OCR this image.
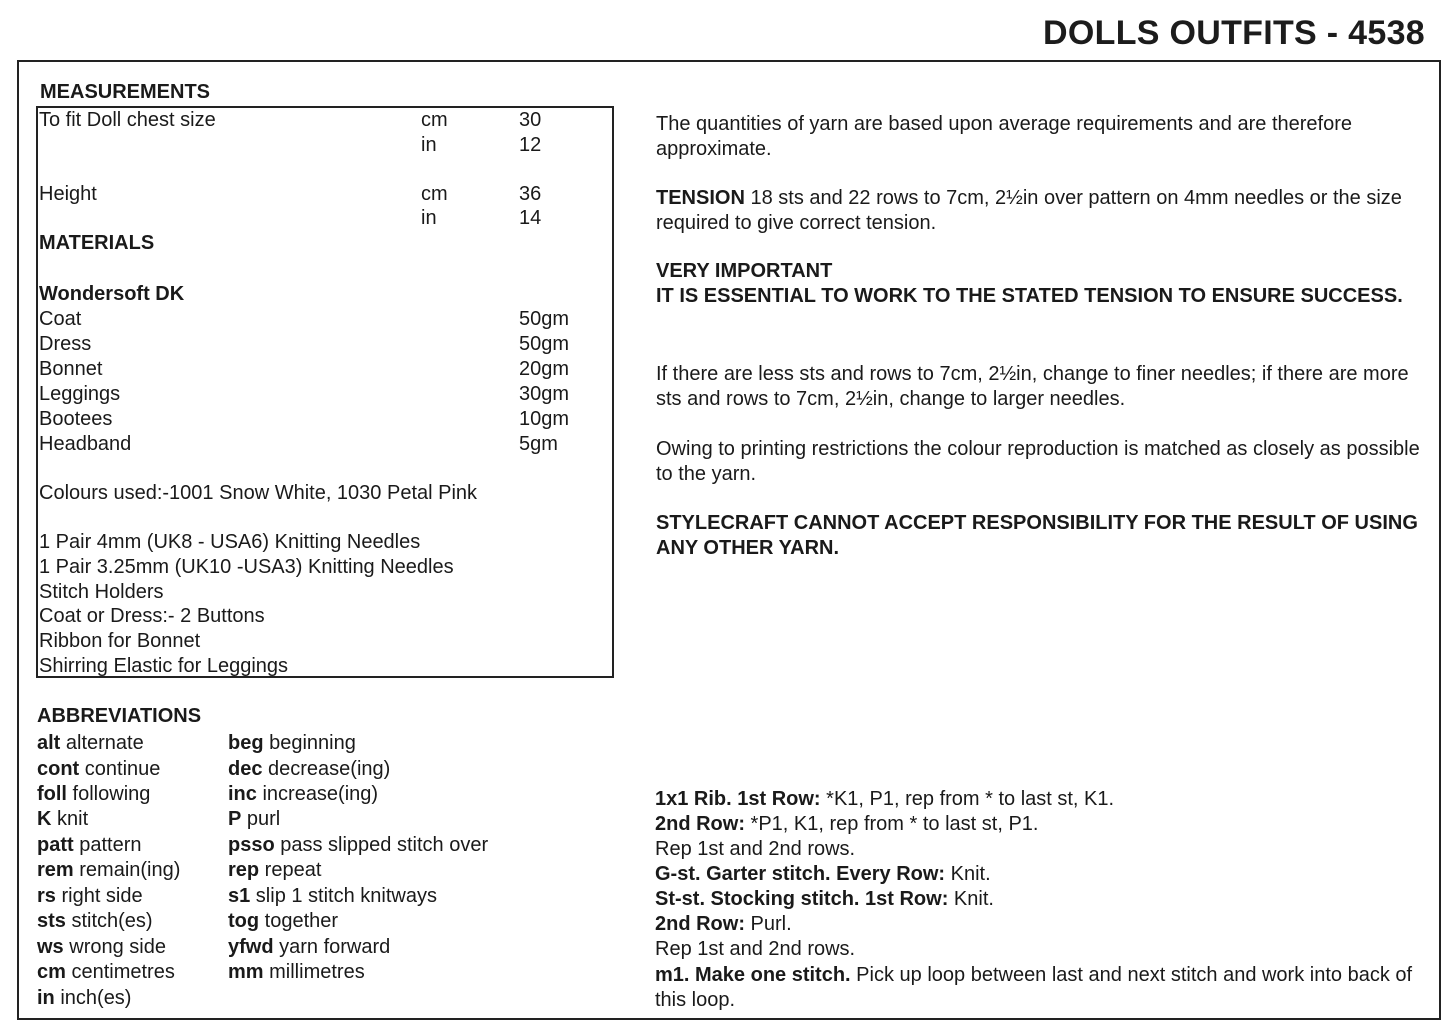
DOLLS OUTFITS - 4538
MEASUREMENTS
To fit Doll chest size	cm	30
in	12
Height	cm	36
in	14
MATERIALS
Wondersoft DK
Coat	50gm
Dress	50gm
Bonnet	20gm
Leggings	30gm
Bootees	10gm
Headband	5gm
Colours used:-1001 Snow White, 1030 Petal Pink
1 Pair 4mm (UK8 - USA6) Knitting Needles
1 Pair 3.25mm (UK10 -USA3) Knitting Needles
Stitch Holders
Coat or Dress:- 2 Buttons
Ribbon for Bonnet
Shirring Elastic for Leggings

The quantities of yarn are based upon average requirements and are therefore approximate.

TENSION 18 sts and 22 rows to 7cm, 2½in over pattern on 4mm needles or the size required to give correct tension.

VERY IMPORTANT

IT IS ESSENTIAL TO WORK TO THE STATED TENSION TO ENSURE SUCCESS.

If there are less sts and rows to 7cm, 2½in, change to finer needles; if there are more sts and rows to 7cm, 2½in, change to larger needles.

Owing to printing restrictions the colour reproduction is matched as closely as possible to the yarn.

STYLECRAFT CANNOT ACCEPT RESPONSIBILITY FOR THE RESULT OF USING ANY OTHER YARN.

ABBREVIATIONS
alt alternate
cont continue
foll following
K knit
patt pattern
rem remain(ing)
rs right side
sts stitch(es)
ws wrong side
cm centimetres
in inch(es)
beg beginning
dec decrease(ing)
inc increase(ing)
P purl
psso pass slipped stitch over
rep repeat
s1 slip 1 stitch knitways
tog together
yfwd yarn forward
mm millimetres
1x1 Rib. 1st Row: *K1, P1, rep from * to last st, K1.
2nd Row: *P1, K1, rep from * to last st, P1.
Rep 1st and 2nd rows.
G-st. Garter stitch. Every Row: Knit.
St-st. Stocking stitch. 1st Row: Knit.
2nd Row: Purl.
Rep 1st and 2nd rows.
m1. Make one stitch. Pick up loop between last and next stitch and work into back of this loop.
